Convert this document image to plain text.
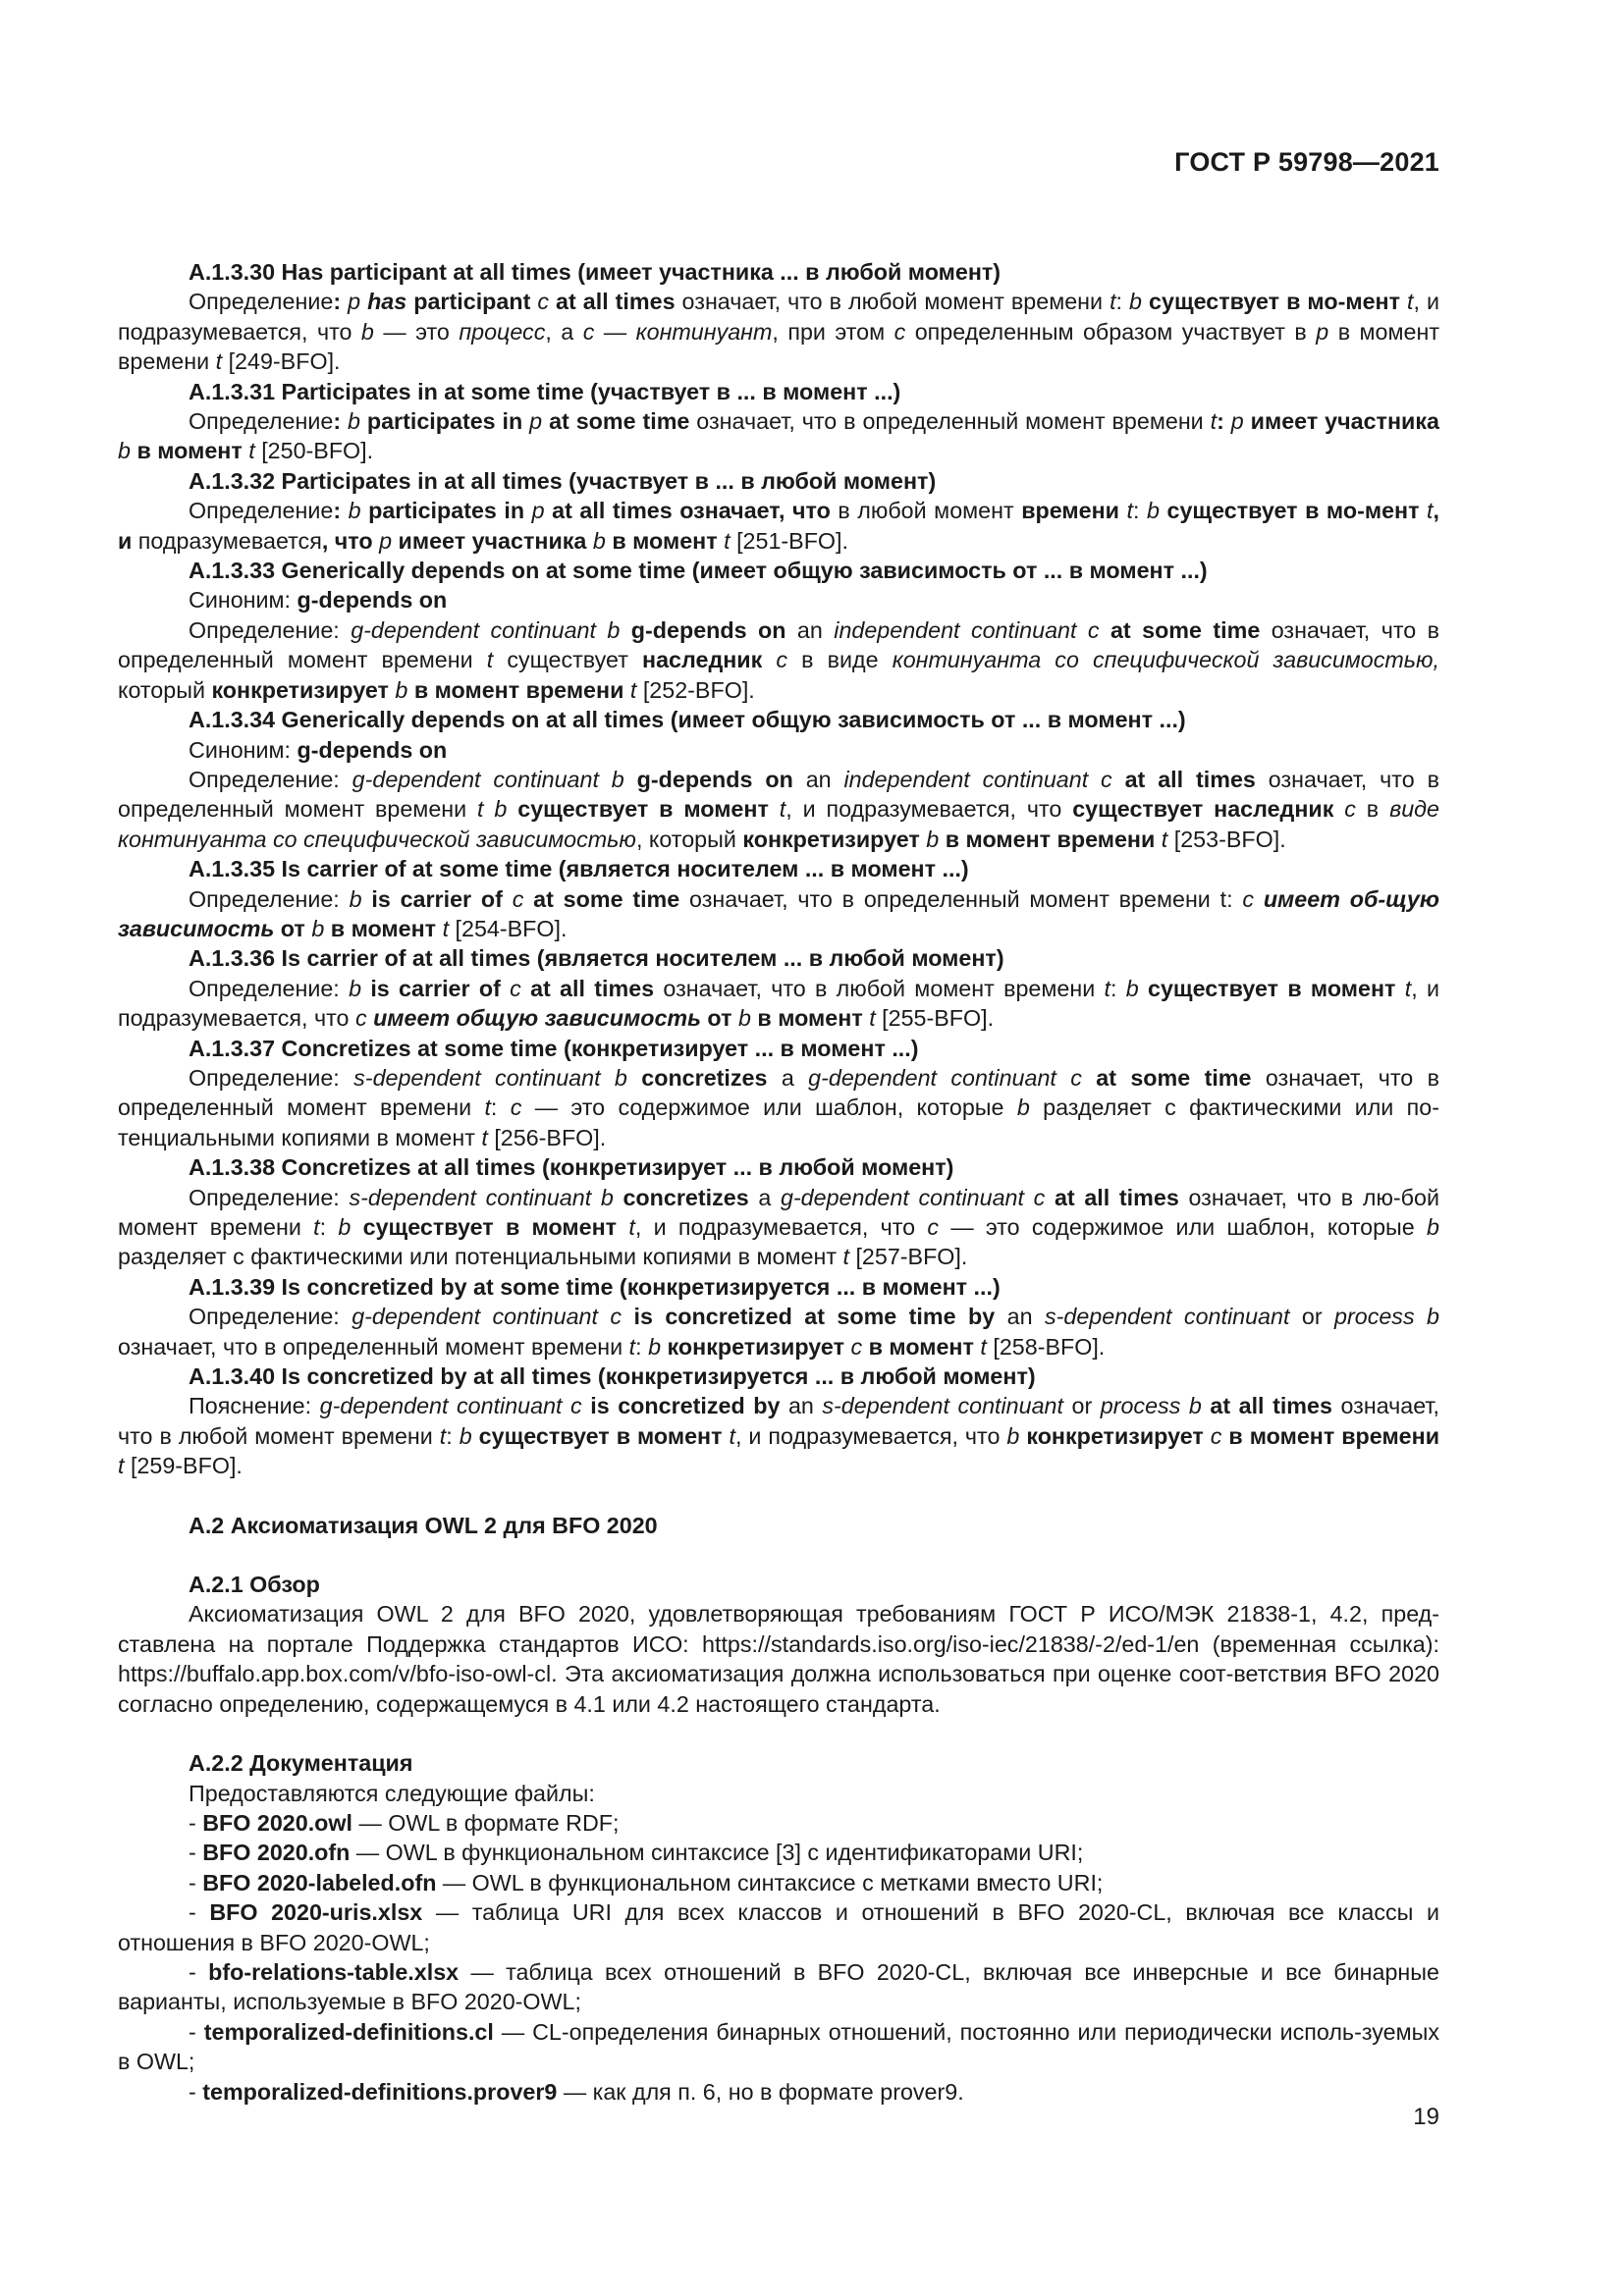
ГОСТ Р 59798—2021

А.1.3.30 Has participant at all times (имеет участника ... в любой момент)

Определение: p has participant c at all times означает, что в любой момент времени t: b существует в мо-мент t, и подразумевается, что b — это процесс, а c — континуант, при этом c определенным образом участвует в p в момент времени t [249-BFO].

А.1.3.31 Participates in at some time (участвует в ... в момент ...)

Определение: b participates in p at some time означает, что в определенный момент времени t: p имеет участника b в момент t [250-BFO].

А.1.3.32 Participates in at all times (участвует в ... в любой момент)

Определение: b participates in p at all times означает, что в любой момент времени t: b существует в мо-мент t, и подразумевается, что p имеет участника b в момент t [251-BFO].

А.1.3.33 Generically depends on at some time (имеет общую зависимость от ... в момент ...)

Синоним: g-depends on

Определение: g-dependent continuant b g-depends on an independent continuant c at some time означает, что в определенный момент времени t существует наследник c в виде континуанта со специфической зависимостью, который конкретизирует b в момент времени t [252-BFO].

А.1.3.34 Generically depends on at all times (имеет общую зависимость от ... в момент ...)

Синоним: g-depends on

Определение: g-dependent continuant b g-depends on an independent continuant c at all times означает, что в определенный момент времени t b существует в момент t, и подразумевается, что существует наследник c в виде континуанта со специфической зависимостью, который конкретизирует b в момент времени t [253-BFO].

А.1.3.35 Is carrier of at some time (является носителем ... в момент ...)

Определение: b is carrier of c at some time означает, что в определенный момент времени t: c имеет об-щую зависимость от b в момент t [254-BFO].

А.1.3.36 Is carrier of at all times (является носителем ... в любой момент)

Определение: b is carrier of c at all times означает, что в любой момент времени t: b существует в момент t, и подразумевается, что c имеет общую зависимость от b в момент t [255-BFO].

А.1.3.37 Concretizes at some time (конкретизирует ... в момент ...)

Определение: s-dependent continuant b concretizes a g-dependent continuant c at some time означает, что в определенный момент времени t: c — это содержимое или шаблон, которые b разделяет с фактическими или по-тенциальными копиями в момент t [256-BFO].

А.1.3.38 Concretizes at all times (конкретизирует ... в любой момент)

Определение: s-dependent continuant b concretizes a g-dependent continuant c at all times означает, что в лю-бой момент времени t: b существует в момент t, и подразумевается, что c — это содержимое или шаблон, которые b разделяет с фактическими или потенциальными копиями в момент t [257-BFO].

А.1.3.39 Is concretized by at some time (конкретизируется ... в момент ...)

Определение: g-dependent continuant c is concretized at some time by an s-dependent continuant or process b означает, что в определенный момент времени t: b конкретизирует c в момент t [258-BFO].

А.1.3.40 Is concretized by at all times (конкретизируется ... в любой момент)

Пояснение: g-dependent continuant c is concretized by an s-dependent continuant or process b at all times означает, что в любой момент времени t: b существует в момент t, и подразумевается, что b конкретизирует c в момент времени t [259-BFO].

А.2 Аксиоматизация OWL 2 для BFO 2020

А.2.1 Обзор

Аксиоматизация OWL 2 для BFO 2020, удовлетворяющая требованиям ГОСТ Р ИСО/МЭК 21838-1, 4.2, пред-ставлена на портале Поддержка стандартов ИСО: https://standards.iso.org/iso-iec/21838/-2/ed-1/en (временная ссылка): https://buffalo.app.box.com/v/bfo-iso-owl-cl. Эта аксиоматизация должна использоваться при оценке соот-ветствия BFO 2020 согласно определению, содержащемуся в 4.1 или 4.2 настоящего стандарта.

А.2.2 Документация

Предоставляются следующие файлы:

- BFO 2020.owl — OWL в формате RDF;

- BFO 2020.ofn — OWL в функциональном синтаксисе [3] с идентификаторами URI;

- BFO 2020-labeled.ofn — OWL в функциональном синтаксисе с метками вместо URI;

- BFO 2020-uris.xlsx — таблица URI для всех классов и отношений в BFO 2020-CL, включая все классы и отношения в BFO 2020-OWL;

- bfo-relations-table.xlsx — таблица всех отношений в BFO 2020-CL, включая все инверсные и все бинарные варианты, используемые в BFO 2020-OWL;

- temporalized-definitions.cl — CL-определения бинарных отношений, постоянно или периодически исполь-зуемых в OWL;

- temporalized-definitions.prover9 — как для п. 6, но в формате prover9.

19
